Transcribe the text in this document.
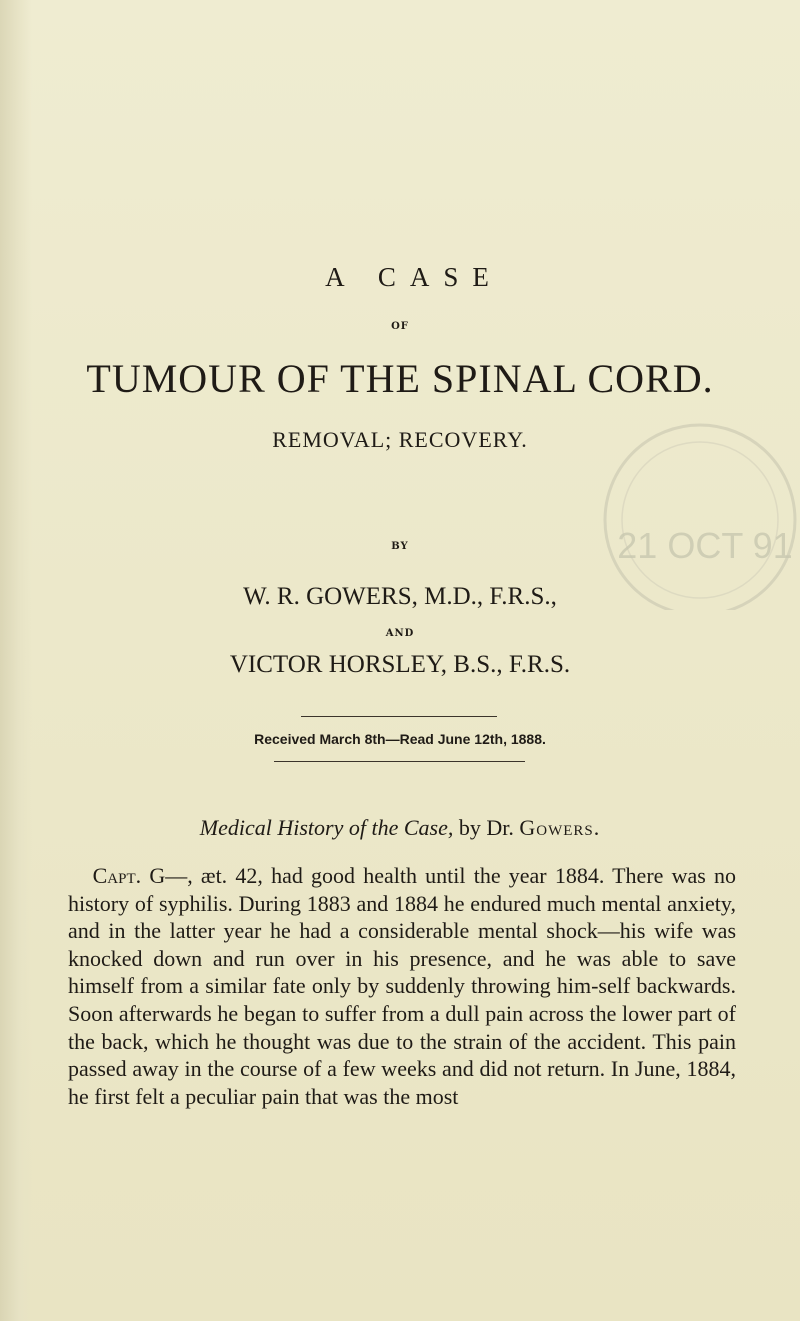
21 OCT 91
A CASE
OF
TUMOUR OF THE SPINAL CORD.
REMOVAL; RECOVERY.
BY
W. R. GOWERS, M.D., F.R.S.,
AND
VICTOR HORSLEY, B.S., F.R.S.
Received March 8th—Read June 12th, 1888.
Medical History of the Case, by Dr. Gowers.
Capt. G—, æt. 42, had good health until the year 1884. There was no history of syphilis. During 1883 and 1884 he endured much mental anxiety, and in the latter year he had a considerable mental shock—his wife was knocked down and run over in his presence, and he was able to save himself from a similar fate only by suddenly throwing him-self backwards. Soon afterwards he began to suffer from a dull pain across the lower part of the back, which he thought was due to the strain of the accident. This pain passed away in the course of a few weeks and did not return. In June, 1884, he first felt a peculiar pain that was the most
